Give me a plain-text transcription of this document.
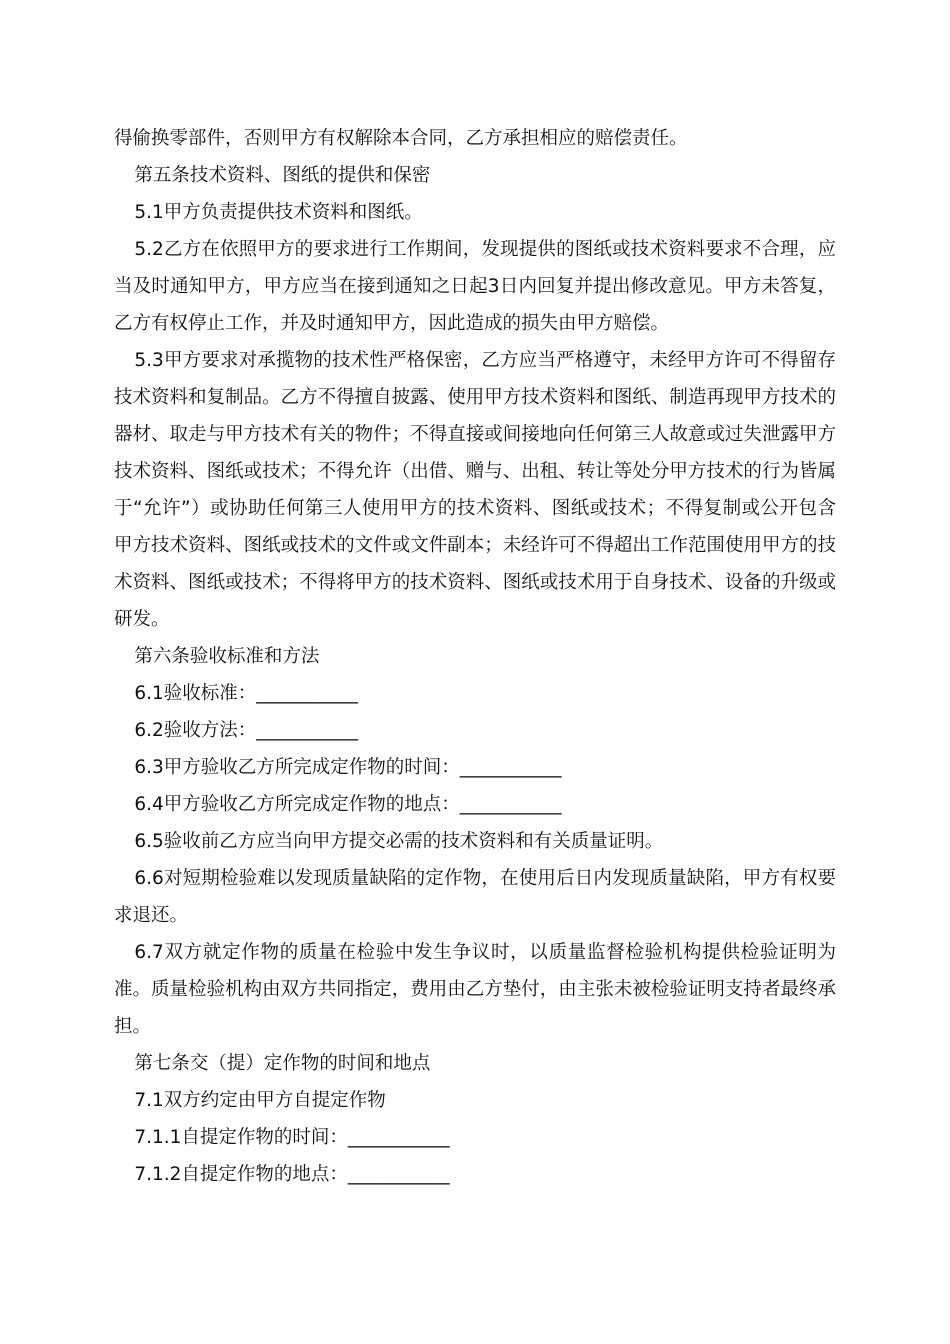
得偷换零部件，否则甲方有权解除本合同，乙方承担相应的赔偿责任。

第五条技术资料、图纸的提供和保密

5.1甲方负责提供技术资料和图纸。

5.2乙方在依照甲方的要求进行工作期间，发现提供的图纸或技术资料要求不合理，应当及时通知甲方，甲方应当在接到通知之日起3日内回复并提出修改意见。甲方未答复，乙方有权停止工作，并及时通知甲方，因此造成的损失由甲方赔偿。

5.3甲方要求对承揽物的技术性严格保密，乙方应当严格遵守，未经甲方许可不得留存技术资料和复制品。乙方不得擅自披露、使用甲方技术资料和图纸、制造再现甲方技术的器材、取走与甲方技术有关的物件；不得直接或间接地向任何第三人故意或过失泄露甲方技术资料、图纸或技术；不得允许（出借、赠与、出租、转让等处分甲方技术的行为皆属于“允许”）或协助任何第三人使用甲方的技术资料、图纸或技术；不得复制或公开包含甲方技术资料、图纸或技术的文件或文件副本；未经许可不得超出工作范围使用甲方的技术资料、图纸或技术；不得将甲方的技术资料、图纸或技术用于自身技术、设备的升级或研发。

第六条验收标准和方法

6.1验收标准：___________

6.2验收方法：___________

6.3甲方验收乙方所完成定作物的时间：___________

6.4甲方验收乙方所完成定作物的地点：___________

6.5验收前乙方应当向甲方提交必需的技术资料和有关质量证明。

6.6对短期检验难以发现质量缺陷的定作物，在使用后日内发现质量缺陷，甲方有权要求退还。

6.7双方就定作物的质量在检验中发生争议时，以质量监督检验机构提供检验证明为准。质量检验机构由双方共同指定，费用由乙方垫付，由主张未被检验证明支持者最终承担。

第七条交（提）定作物的时间和地点

7.1双方约定由甲方自提定作物

7.1.1自提定作物的时间：___________

7.1.2自提定作物的地点：___________
